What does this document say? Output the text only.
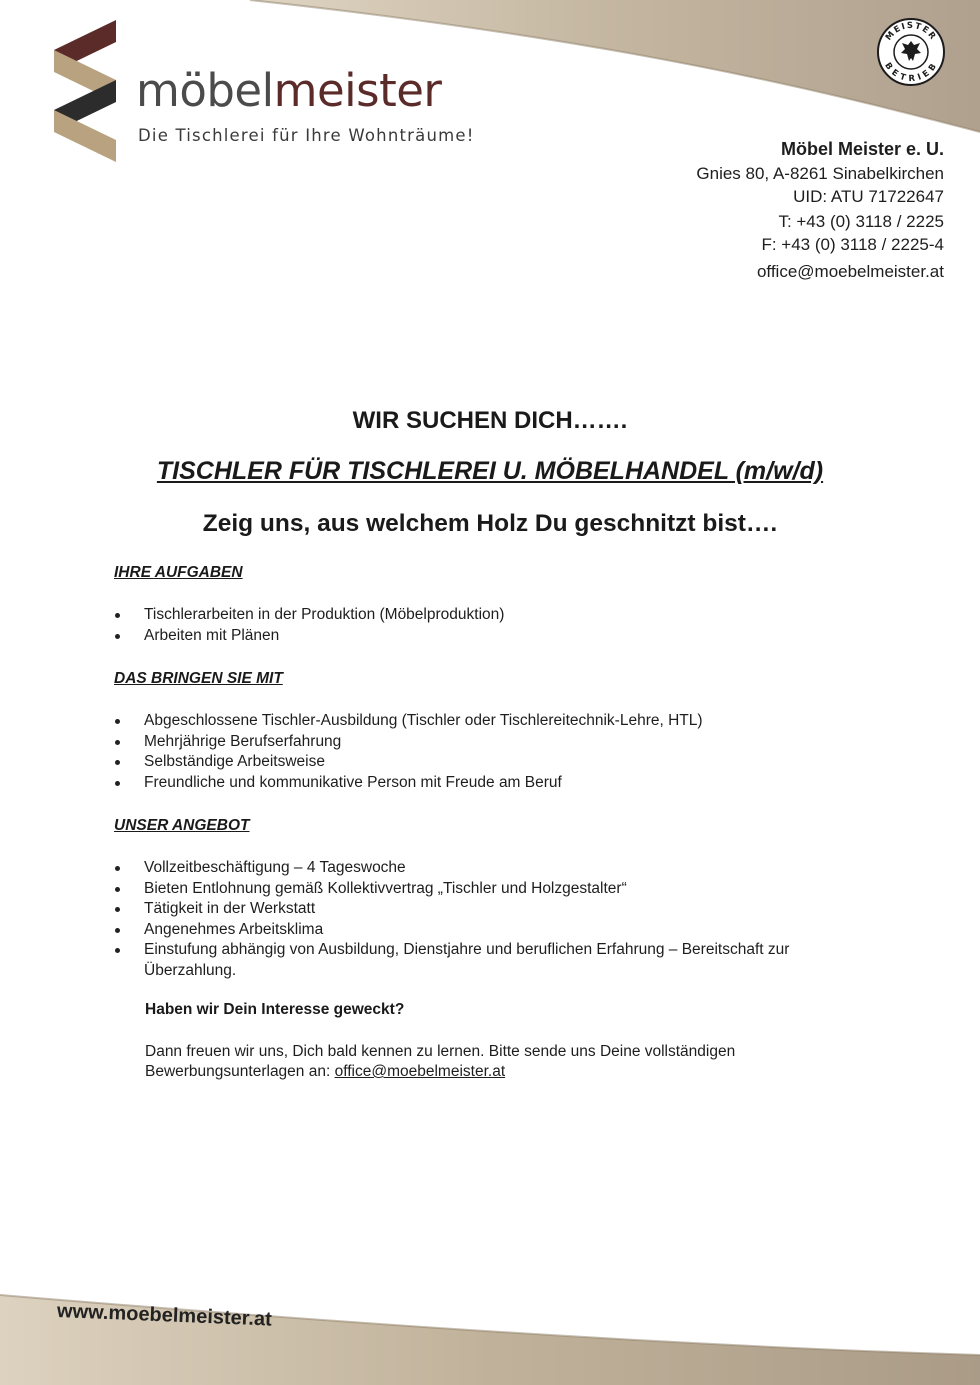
möbelmeister
Die Tischlerei für Ihre Wohnträume!
MEISTER
BETRIEB
Möbel Meister e. U.
Gnies 80, A-8261 Sinabelkirchen
UID: ATU 71722647
T: +43 (0) 3118 / 2225
F: +43 (0) 3118 / 2225-4
office@moebelmeister.at
WIR SUCHEN DICH…….
TISCHLER FÜR TISCHLEREI U. MÖBELHANDEL (m/w/d)
Zeig uns, aus welchem Holz Du geschnitzt bist….
IHRE AUFGABEN
Tischlerarbeiten in der Produktion (Möbelproduktion)
Arbeiten mit Plänen
DAS BRINGEN SIE MIT
Abgeschlossene Tischler-Ausbildung (Tischler oder Tischlereitechnik-Lehre, HTL)
Mehrjährige Berufserfahrung
Selbständige Arbeitsweise
Freundliche und kommunikative Person mit Freude am Beruf
UNSER ANGEBOT
Vollzeitbeschäftigung – 4 Tageswoche
Bieten Entlohnung gemäß Kollektivvertrag „Tischler und Holzgestalter“
Tätigkeit in der Werkstatt
Angenehmes Arbeitsklima
Einstufung abhängig von Ausbildung, Dienstjahre und beruflichen Erfahrung – Bereitschaft zur Überzahlung.
Haben wir Dein Interesse geweckt?
Dann freuen wir uns, Dich bald kennen zu lernen. Bitte sende uns Deine vollständigen Bewerbungsunterlagen an: office@moebelmeister.at
www.moebelmeister.at
